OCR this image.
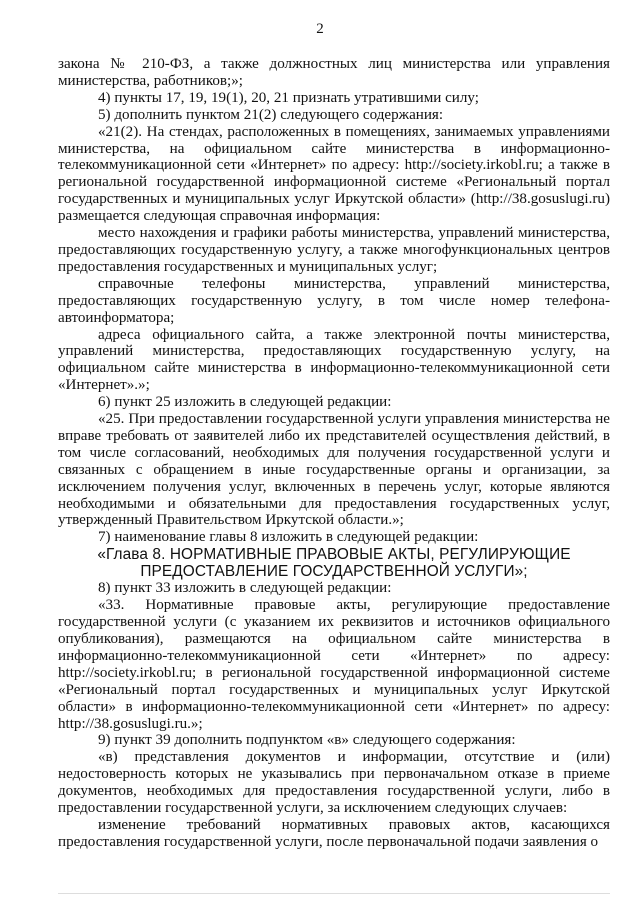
2

закона № 210-ФЗ, а также должностных лиц министерства или управления министерства, работников;»;

4) пункты 17, 19, 19(1), 20, 21 признать утратившими силу;

5) дополнить пунктом 21(2) следующего содержания:

«21(2). На стендах, расположенных в помещениях, занимаемых управлениями министерства, на официальном сайте министерства в информационно-телекоммуникационной сети «Интернет» по адресу: http://society.irkobl.ru; а также в региональной государственной информационной системе «Региональный портал государственных и муниципальных услуг Иркутской области» (http://38.gosuslugi.ru) размещается следующая справочная информация:

место нахождения и графики работы министерства, управлений министерства, предоставляющих государственную услугу, а также многофункциональных центров предоставления государственных и муниципальных услуг;

справочные телефоны министерства, управлений министерства, предоставляющих государственную услугу, в том числе номер телефона-автоинформатора;

адреса официального сайта, а также электронной почты министерства, управлений министерства, предоставляющих государственную услугу, на официальном сайте министерства в информационно-телекоммуникационной сети «Интернет».»;

6) пункт 25 изложить в следующей редакции:

«25. При предоставлении государственной услуги управления министерства не вправе требовать от заявителей либо их представителей осуществления действий, в том числе согласований, необходимых для получения государственной услуги и связанных с обращением в иные государственные органы и организации, за исключением получения услуг, включенных в перечень услуг, которые являются необходимыми и обязательными для предоставления государственных услуг, утвержденный Правительством Иркутской области.»;

7) наименование главы 8 изложить в следующей редакции:

«Глава 8. НОРМАТИВНЫЕ ПРАВОВЫЕ АКТЫ, РЕГУЛИРУЮЩИЕ ПРЕДОСТАВЛЕНИЕ ГОСУДАРСТВЕННОЙ УСЛУГИ»;

8) пункт 33 изложить в следующей редакции:

«33. Нормативные правовые акты, регулирующие предоставление государственной услуги (с указанием их реквизитов и источников официального опубликования), размещаются на официальном сайте министерства в информационно-телекоммуникационной сети «Интернет» по адресу: http://society.irkobl.ru; в региональной государственной информационной системе «Региональный портал государственных и муниципальных услуг Иркутской области» в информационно-телекоммуникационной сети «Интернет» по адресу: http://38.gosuslugi.ru.»;

9) пункт 39 дополнить подпунктом «в» следующего содержания:

«в) представления документов и информации, отсутствие и (или) недостоверность которых не указывались при первоначальном отказе в приеме документов, необходимых для предоставления государственной услуги, либо в предоставлении государственной услуги, за исключением следующих случаев:

изменение требований нормативных правовых актов, касающихся предоставления государственной услуги, после первоначальной подачи заявления о
